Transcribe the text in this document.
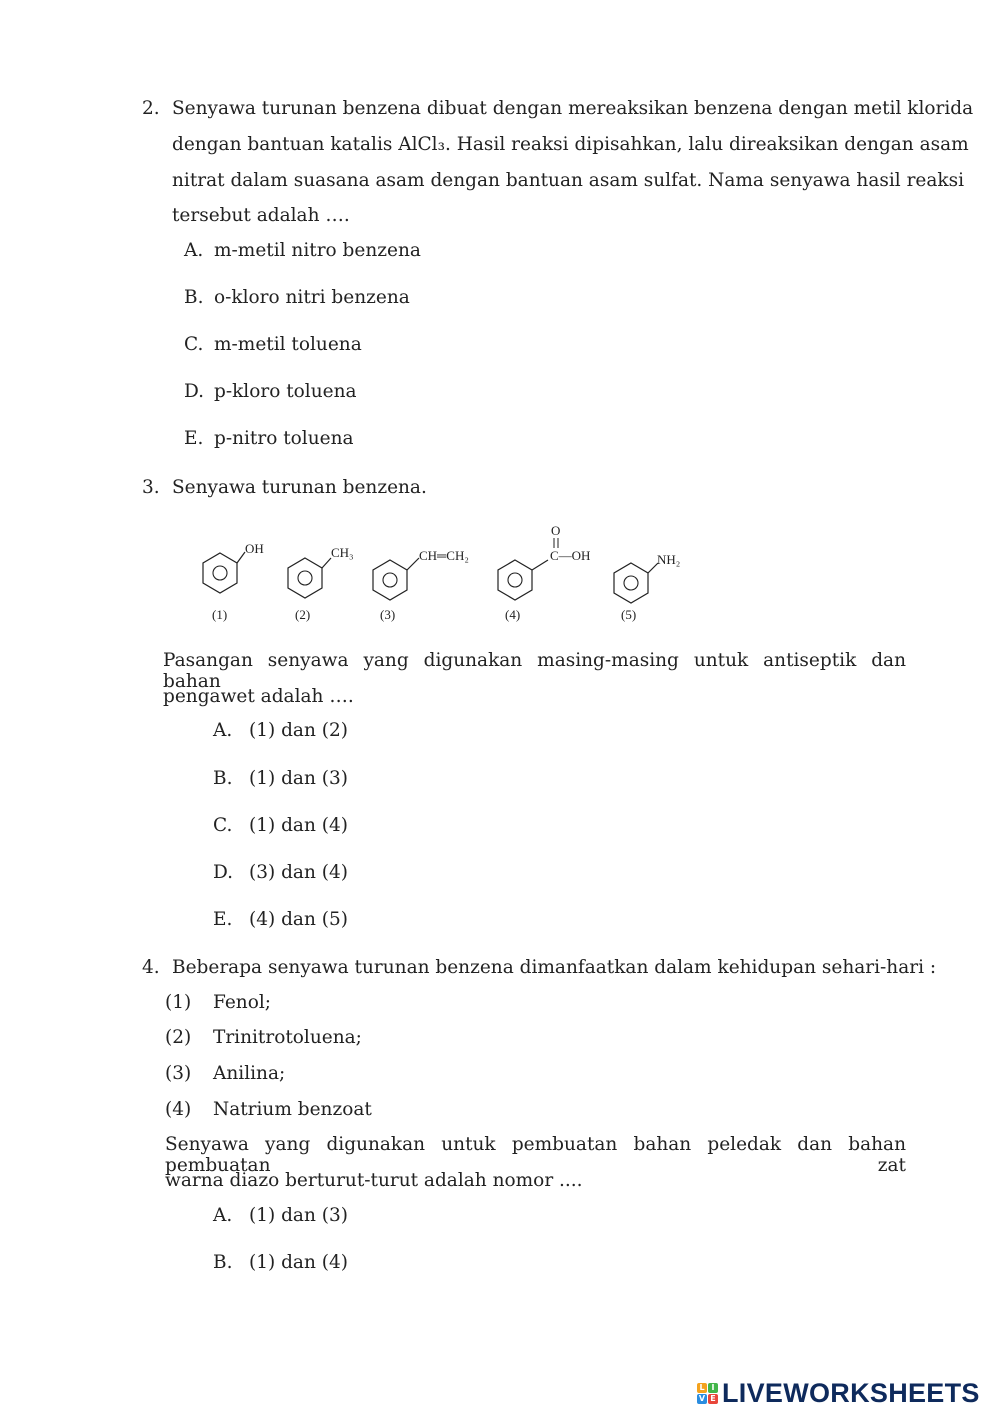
2. Senyawa turunan benzena dibuat dengan mereaksikan benzena dengan metil klorida
dengan bantuan katalis AlCl₃. Hasil reaksi dipisahkan, lalu direaksikan dengan asam
nitrat dalam suasana asam dengan bantuan asam sulfat. Nama senyawa hasil reaksi
tersebut adalah ….
A. m-metil nitro benzena
B. o-kloro nitri benzena
C. m-metil toluena
D. p-kloro toluena
E. p-nitro toluena
3. Senyawa turunan benzena.
OH
(1)
CH₃
(2)
CH═CH₂
(3)
O
C—OH
(4)
NH₂
(5)
Pasangan senyawa yang digunakan masing-masing untuk antiseptik dan bahan
pengawet adalah ….
A. (1) dan (2)
B. (1) dan (3)
C. (1) dan (4)
D. (3) dan (4)
E. (4) dan (5)
4. Beberapa senyawa turunan benzena dimanfaatkan dalam kehidupan sehari-hari :
(1) Fenol;
(2) Trinitrotoluena;
(3) Anilina;
(4) Natrium benzoat
Senyawa yang digunakan untuk pembuatan bahan peledak dan bahan pembuatan zat
warna diazo berturut-turut adalah nomor ....
A. (1) dan (3)
B. (1) dan (4)
L I
V E LIVEWORKSHEETS
